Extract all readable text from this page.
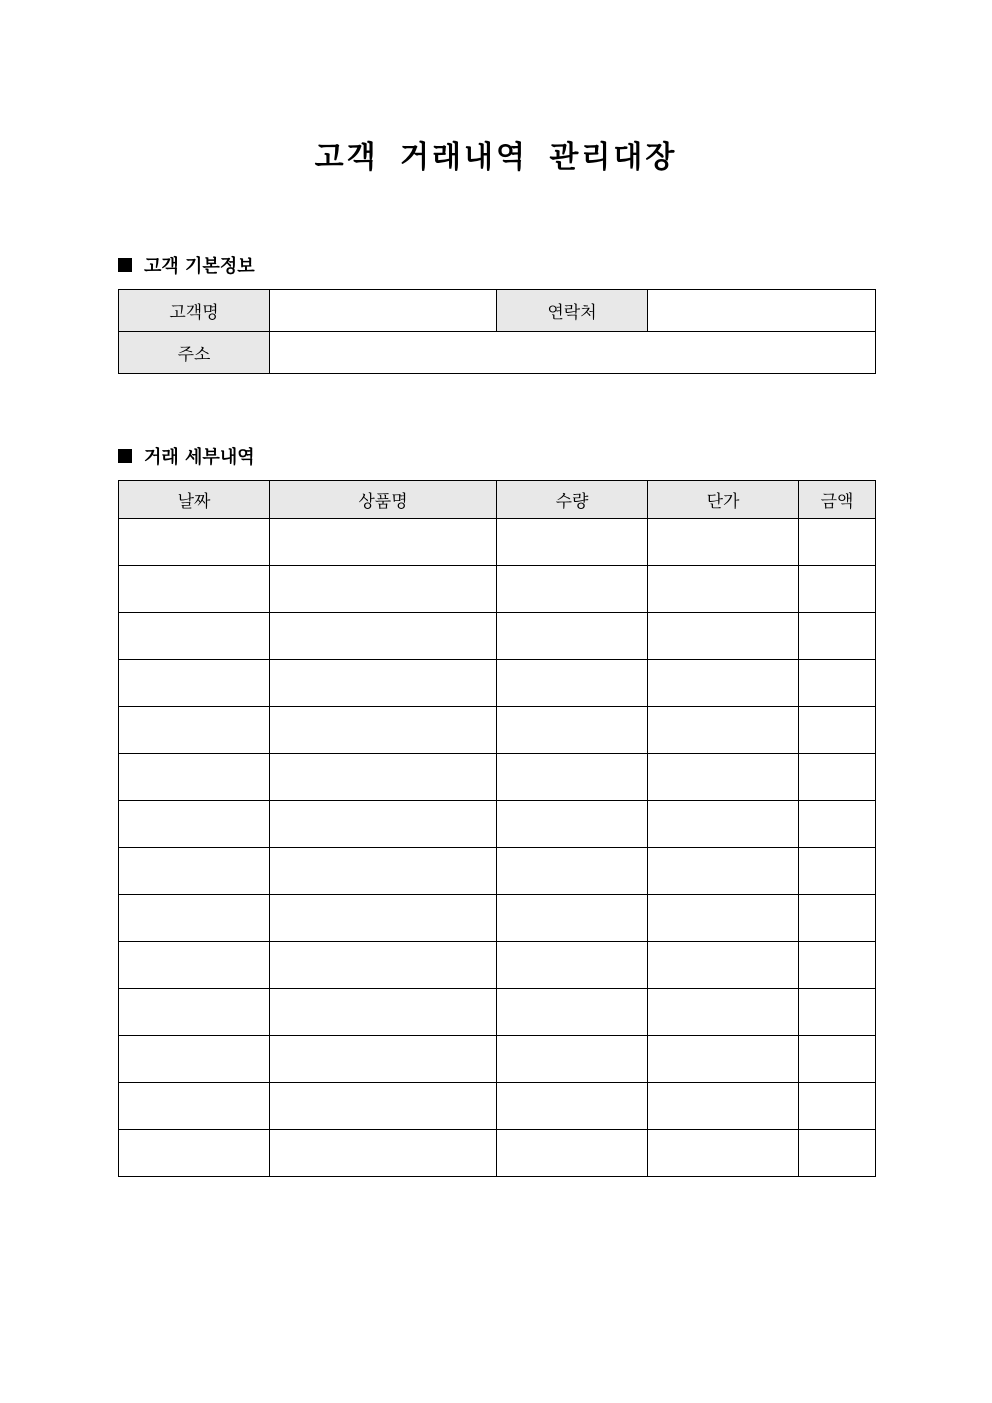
고객 거래내역 관리대장
고객 기본정보
고객명		연락처	
주소			
거래 세부내역
날짜	상품명	수량	단가	금액
